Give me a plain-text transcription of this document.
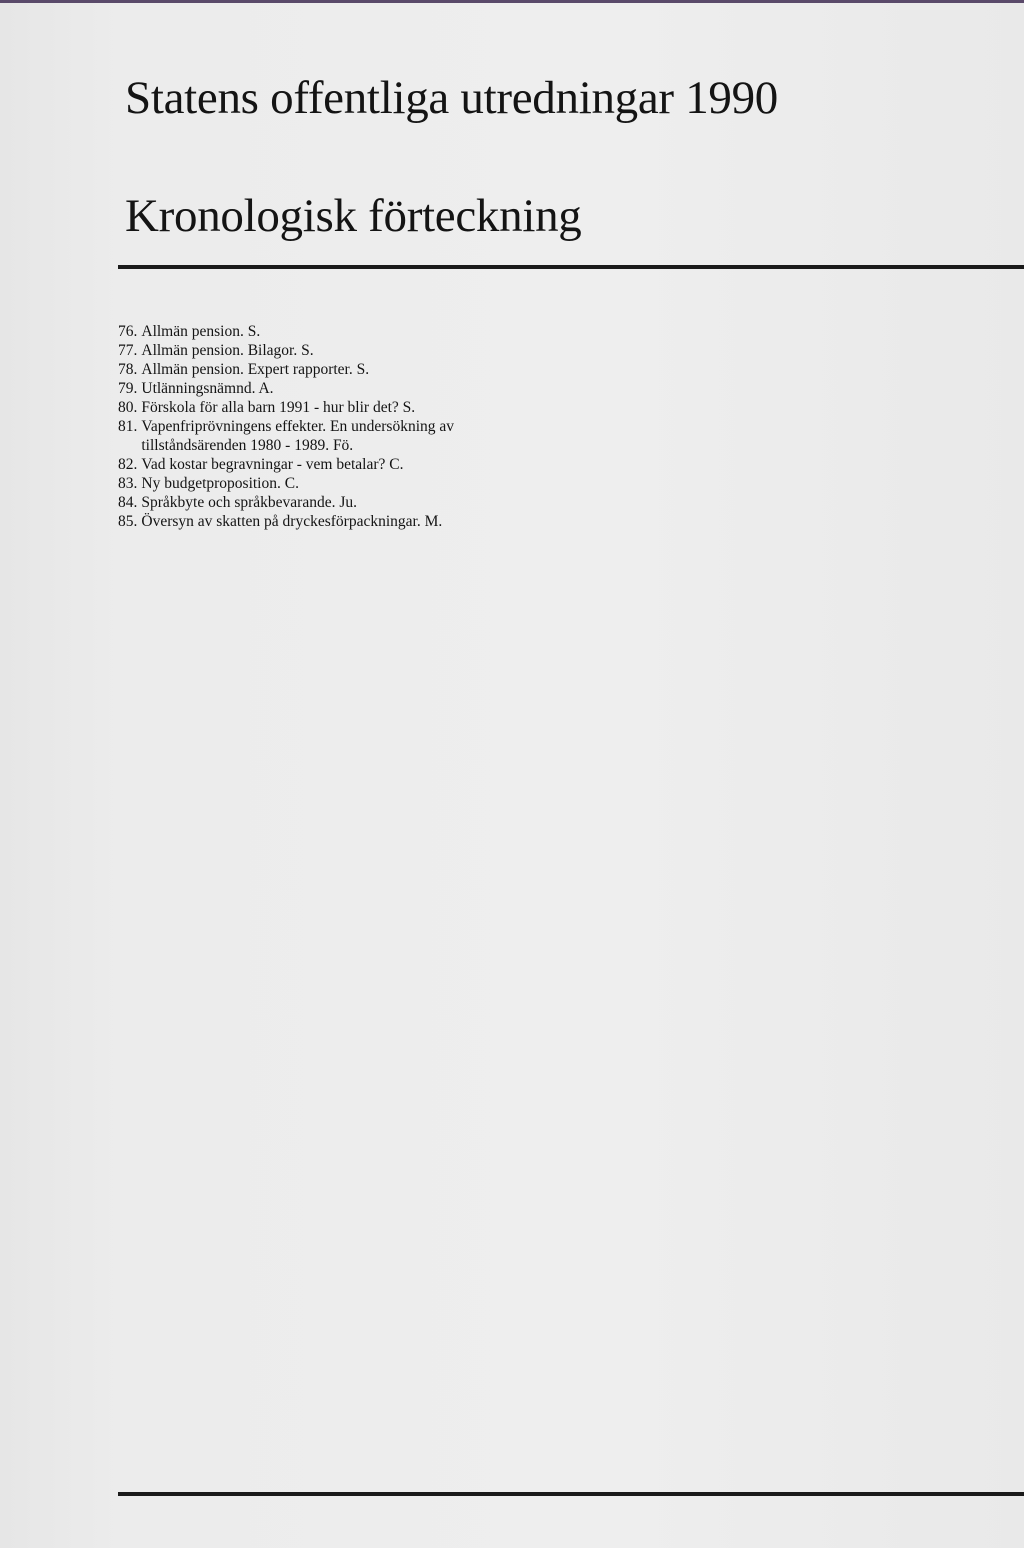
Statens offentliga utredningar 1990
Kronologisk förteckning
76. Allmän pension. S.
77. Allmän pension. Bilagor. S.
78. Allmän pension. Expert rapporter. S.
79. Utlänningsnämnd. A.
80. Förskola för alla barn 1991 - hur blir det? S.
81. Vapenfriprövningens effekter. En undersökning av tillståndsärenden 1980 - 1989. Fö.
82. Vad kostar begravningar - vem betalar? C.
83. Ny budgetproposition. C.
84. Språkbyte och språkbevarande. Ju.
85. Översyn av skatten på dryckesförpackningar. M.
